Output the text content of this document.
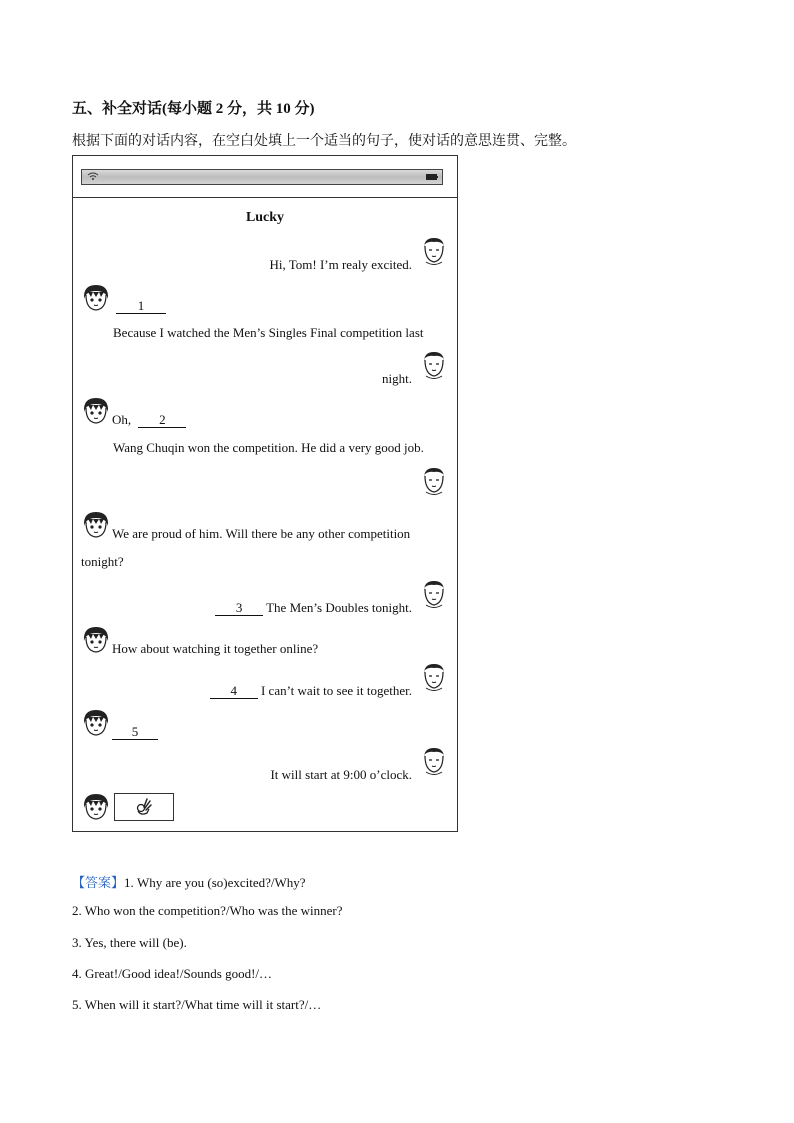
五、补全对话(每小题 2 分，共 10 分)
根据下面的对话内容，在空白处填上一个适当的句子，使对话的意思连贯、完整。
Lucky
Hi, Tom! I’m realy excited.
1
Because I watched the Men’s Singles Final competition last
night.
Oh, 2
Wang Chuqin won the competition. He did a very good job.
We are proud of him. Will there be any other competition
tonight?
3 The Men’s Doubles tonight.
How about watching it together online?
4 I can’t wait to see it together.
5
It will start at 9:00 o’clock.
【答案】1. Why are you (so)excited?/Why?
2. Who won the competition?/Who was the winner?
3. Yes, there will (be).
4. Great!/Good idea!/Sounds good!/…
5. When will it start?/What time will it start?/…
